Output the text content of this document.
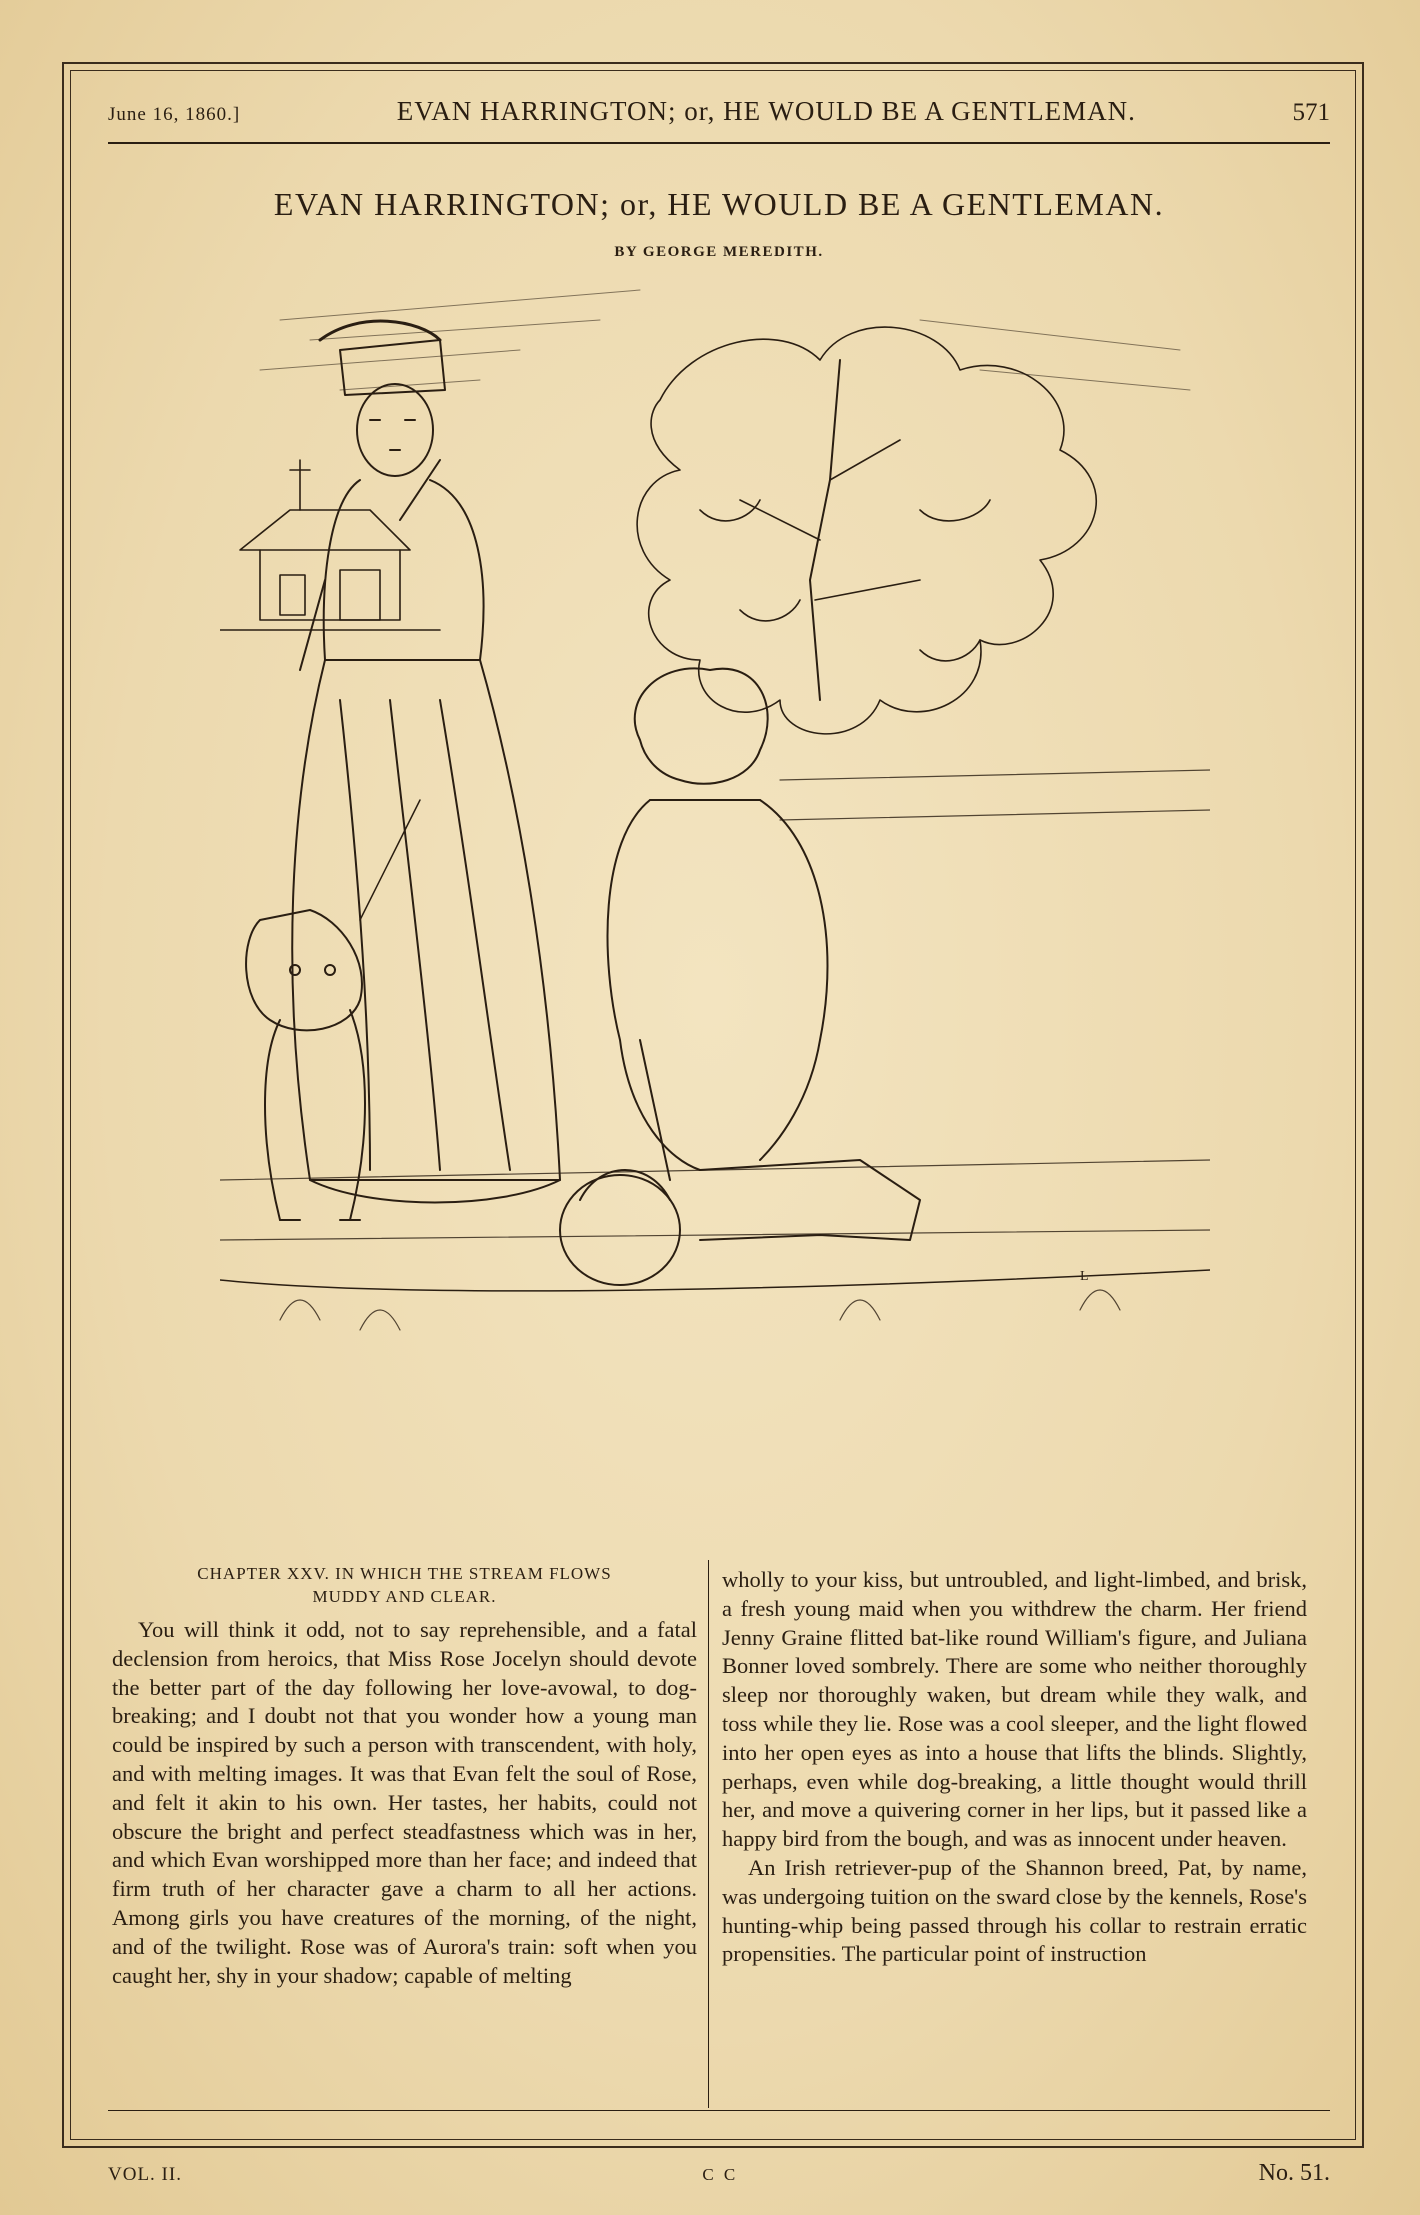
June 16, 1860.]	EVAN HARRINGTON; or, HE WOULD BE A GENTLEMAN.	571
EVAN HARRINGTON; or, HE WOULD BE A GENTLEMAN.
BY GEORGE MEREDITH.
L
CHAPTER XXV. IN WHICH THE STREAM FLOWS
MUDDY AND CLEAR.

You will think it odd, not to say reprehensible, and a fatal declension from heroics, that Miss Rose Jocelyn should devote the better part of the day following her love-avowal, to dog-breaking; and I doubt not that you wonder how a young man could be inspired by such a person with transcendent, with holy, and with melting images. It was that Evan felt the soul of Rose, and felt it akin to his own. Her tastes, her habits, could not obscure the bright and perfect steadfastness which was in her, and which Evan worshipped more than her face; and indeed that firm truth of her character gave a charm to all her actions. Among girls you have creatures of the morning, of the night, and of the twilight. Rose was of Aurora's train: soft when you caught her, shy in your shadow; capable of melting

wholly to your kiss, but untroubled, and light-limbed, and brisk, a fresh young maid when you withdrew the charm. Her friend Jenny Graine flitted bat-like round William's figure, and Juliana Bonner loved sombrely. There are some who neither thoroughly sleep nor thoroughly waken, but dream while they walk, and toss while they lie. Rose was a cool sleeper, and the light flowed into her open eyes as into a house that lifts the blinds. Slightly, perhaps, even while dog-breaking, a little thought would thrill her, and move a quivering corner in her lips, but it passed like a happy bird from the bough, and was as innocent under heaven.

An Irish retriever-pup of the Shannon breed, Pat, by name, was undergoing tuition on the sward close by the kennels, Rose's hunting-whip being passed through his collar to restrain erratic propensities. The particular point of instruction

VOL. II.	C C	No. 51.
